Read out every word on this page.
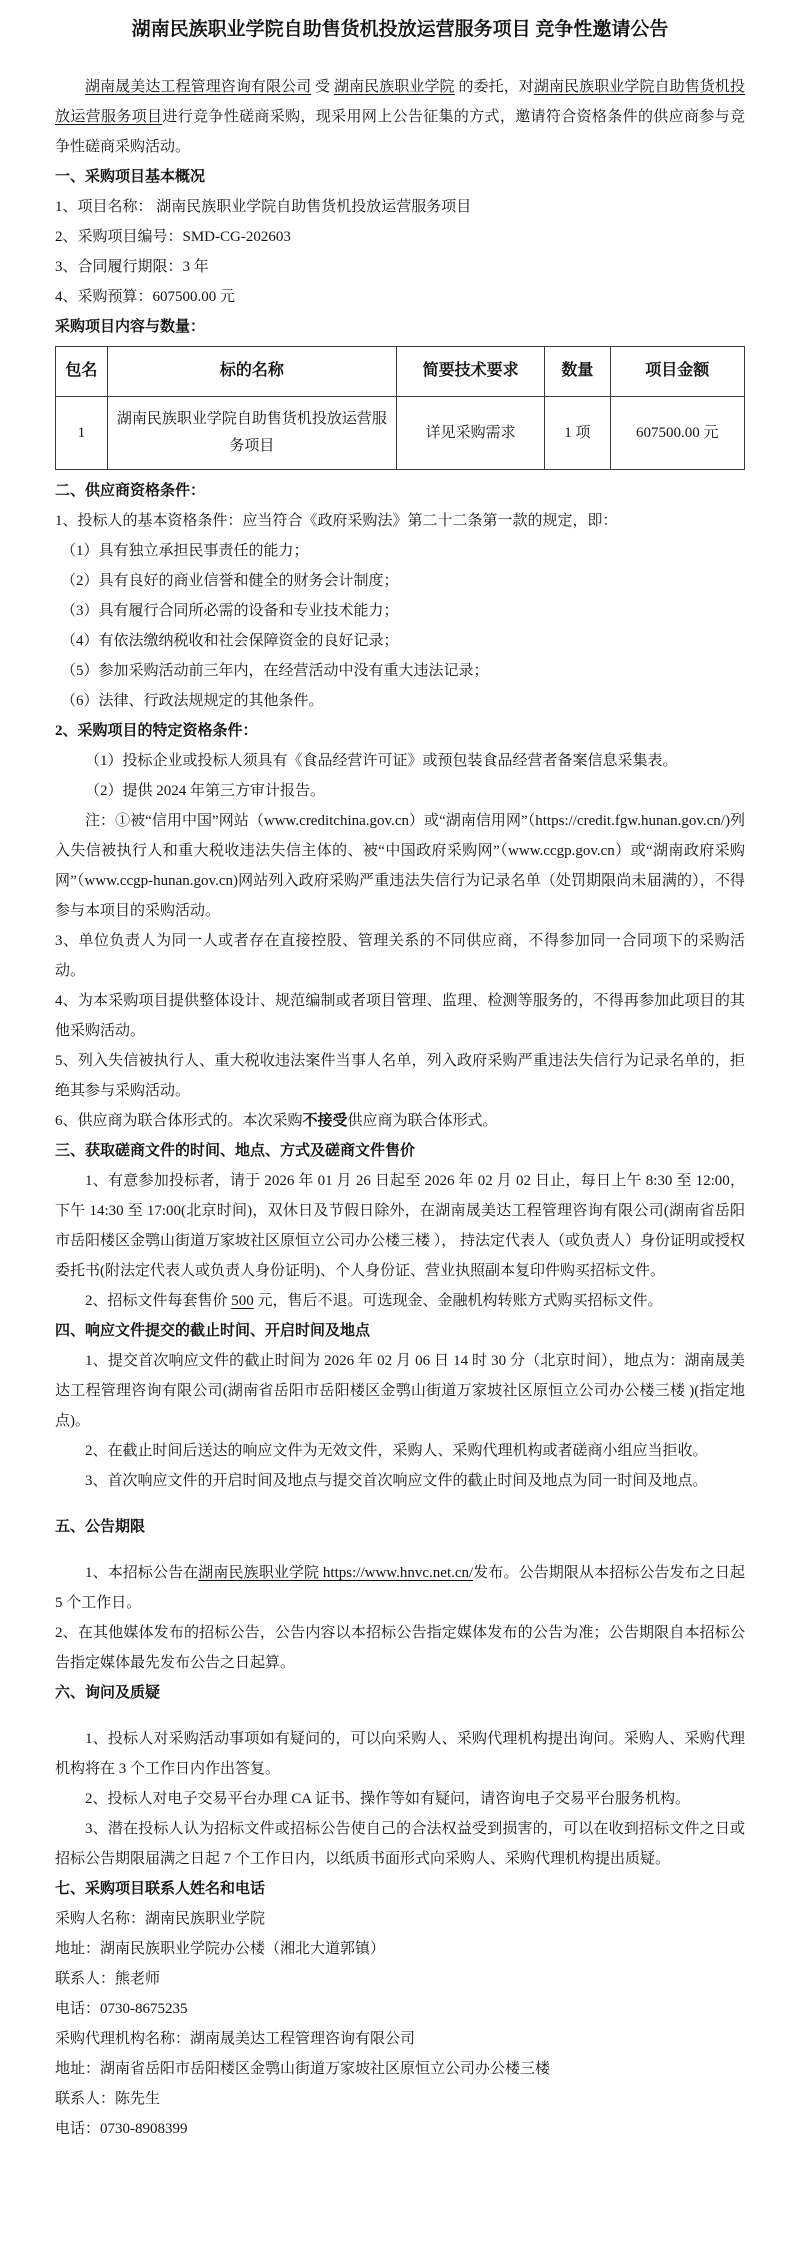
湖南民族职业学院自助售货机投放运营服务项目 竞争性邀请公告

湖南晟美达工程管理咨询有限公司 受 湖南民族职业学院 的委托，对湖南民族职业学院自助售货机投放运营服务项目进行竞争性磋商采购，现采用网上公告征集的方式，邀请符合资格条件的供应商参与竞争性磋商采购活动。

一、采购项目基本概况

1、项目名称： 湖南民族职业学院自助售货机投放运营服务项目

2、采购项目编号：SMD-CG-202603

3、合同履行期限：3 年

4、采购预算：607500.00 元

采购项目内容与数量：

包名	标的名称	简要技术要求	数量	项目金额
1	湖南民族职业学院自助售货机投放运营服务项目	详见采购需求	1 项	607500.00 元

二、供应商资格条件：

1、投标人的基本资格条件：应当符合《政府采购法》第二十二条第一款的规定，即：

（1）具有独立承担民事责任的能力；

（2）具有良好的商业信誉和健全的财务会计制度；

（3）具有履行合同所必需的设备和专业技术能力；

（4）有依法缴纳税收和社会保障资金的良好记录；

（5）参加采购活动前三年内，在经营活动中没有重大违法记录；

（6）法律、行政法规规定的其他条件。

2、采购项目的特定资格条件：

（1）投标企业或投标人须具有《食品经营许可证》或预包装食品经营者备案信息采集表。

（2）提供 2024 年第三方审计报告。

注：①被“信用中国”网站（www.creditchina.gov.cn）或“湖南信用网”（https://credit.fgw.hunan.gov.cn/)列入失信被执行人和重大税收违法失信主体的、被“中国政府采购网”（www.ccgp.gov.cn）或“湖南政府采购网”（www.ccgp-hunan.gov.cn)网站列入政府采购严重违法失信行为记录名单（处罚期限尚未届满的），不得参与本项目的采购活动。

3、单位负责人为同一人或者存在直接控股、管理关系的不同供应商，不得参加同一合同项下的采购活动。

4、为本采购项目提供整体设计、规范编制或者项目管理、监理、检测等服务的，不得再参加此项目的其他采购活动。

5、列入失信被执行人、重大税收违法案件当事人名单，列入政府采购严重违法失信行为记录名单的，拒绝其参与采购活动。

6、供应商为联合体形式的。本次采购不接受供应商为联合体形式。

三、获取磋商文件的时间、地点、方式及磋商文件售价

1、有意参加投标者，请于 2026 年 01 月 26 日起至 2026 年 02 月 02 日止，每日上午 8:30 至 12:00，下午 14:30 至 17:00(北京时间)，双休日及节假日除外，在湖南晟美达工程管理咨询有限公司(湖南省岳阳市岳阳楼区金鹗山街道万家坡社区原恒立公司办公楼三楼 ）， 持法定代表人（或负责人）身份证明或授权委托书(附法定代表人或负责人身份证明)、个人身份证、营业执照副本复印件购买招标文件。

2、招标文件每套售价 500 元，售后不退。可选现金、金融机构转账方式购买招标文件。

四、响应文件提交的截止时间、开启时间及地点

1、提交首次响应文件的截止时间为 2026 年 02 月 06 日 14 时 30 分（北京时间），地点为：湖南晟美达工程管理咨询有限公司(湖南省岳阳市岳阳楼区金鹗山街道万家坡社区原恒立公司办公楼三楼 )(指定地点)。

2、在截止时间后送达的响应文件为无效文件，采购人、采购代理机构或者磋商小组应当拒收。

3、首次响应文件的开启时间及地点与提交首次响应文件的截止时间及地点为同一时间及地点。

五、公告期限

1、本招标公告在湖南民族职业学院 https://www.hnvc.net.cn/发布。公告期限从本招标公告发布之日起 5 个工作日。

2、在其他媒体发布的招标公告，公告内容以本招标公告指定媒体发布的公告为准；公告期限自本招标公告指定媒体最先发布公告之日起算。

六、询问及质疑

1、投标人对采购活动事项如有疑问的，可以向采购人、采购代理机构提出询问。采购人、采购代理机构将在 3 个工作日内作出答复。

2、投标人对电子交易平台办理 CA 证书、操作等如有疑问，请咨询电子交易平台服务机构。

3、潜在投标人认为招标文件或招标公告使自己的合法权益受到损害的，可以在收到招标文件之日或招标公告期限届满之日起 7 个工作日内，以纸质书面形式向采购人、采购代理机构提出质疑。

七、采购项目联系人姓名和电话

采购人名称：湖南民族职业学院

地址：湖南民族职业学院办公楼（湘北大道郭镇）

联系人：熊老师

电话：0730-8675235

采购代理机构名称：湖南晟美达工程管理咨询有限公司

地址：湖南省岳阳市岳阳楼区金鹗山街道万家坡社区原恒立公司办公楼三楼

联系人：陈先生

电话：0730-8908399
